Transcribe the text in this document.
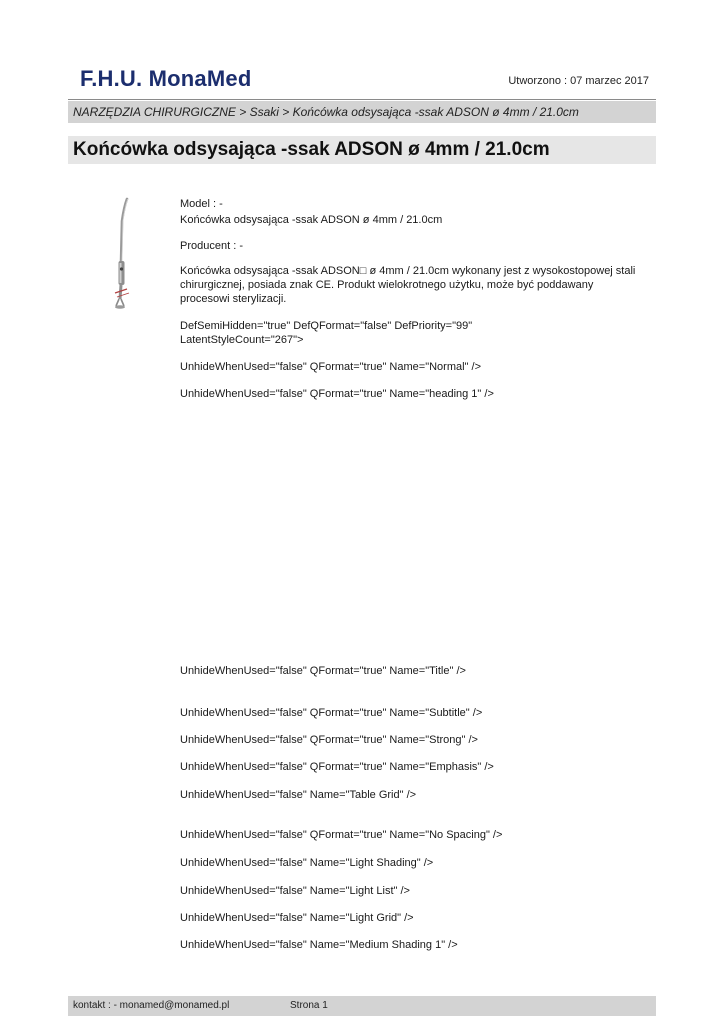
F.H.U. MonaMed	Utworzono : 07 marzec 2017
NARZĘDZIA CHIRURGICZNE > Ssaki > Końcówka odsysająca -ssak ADSON ø 4mm / 21.0cm
Końcówka odsysająca -ssak ADSON ø 4mm / 21.0cm
Model : -
Końcówka odsysająca -ssak ADSON ø 4mm / 21.0cm
Producent : -
Końcówka odsysająca -ssak ADSON□ ø 4mm / 21.0cm wykonany jest z wysokostopowej stali chirurgicznej, posiada znak CE. Produkt wielokrotnego użytku, może być poddawany procesowi sterylizacji.
DefSemiHidden="true" DefQFormat="false" DefPriority="99"
LatentStyleCount="267">
UnhideWhenUsed="false" QFormat="true" Name="Normal" />
UnhideWhenUsed="false" QFormat="true" Name="heading 1" />
UnhideWhenUsed="false" QFormat="true" Name="Title" />
UnhideWhenUsed="false" QFormat="true" Name="Subtitle" />
UnhideWhenUsed="false" QFormat="true" Name="Strong" />
UnhideWhenUsed="false" QFormat="true" Name="Emphasis" />
UnhideWhenUsed="false" Name="Table Grid" />
UnhideWhenUsed="false" QFormat="true" Name="No Spacing" />
UnhideWhenUsed="false" Name="Light Shading" />
UnhideWhenUsed="false" Name="Light List" />
UnhideWhenUsed="false" Name="Light Grid" />
UnhideWhenUsed="false" Name="Medium Shading 1" />
kontakt : - monamed@monamed.pl	Strona 1
